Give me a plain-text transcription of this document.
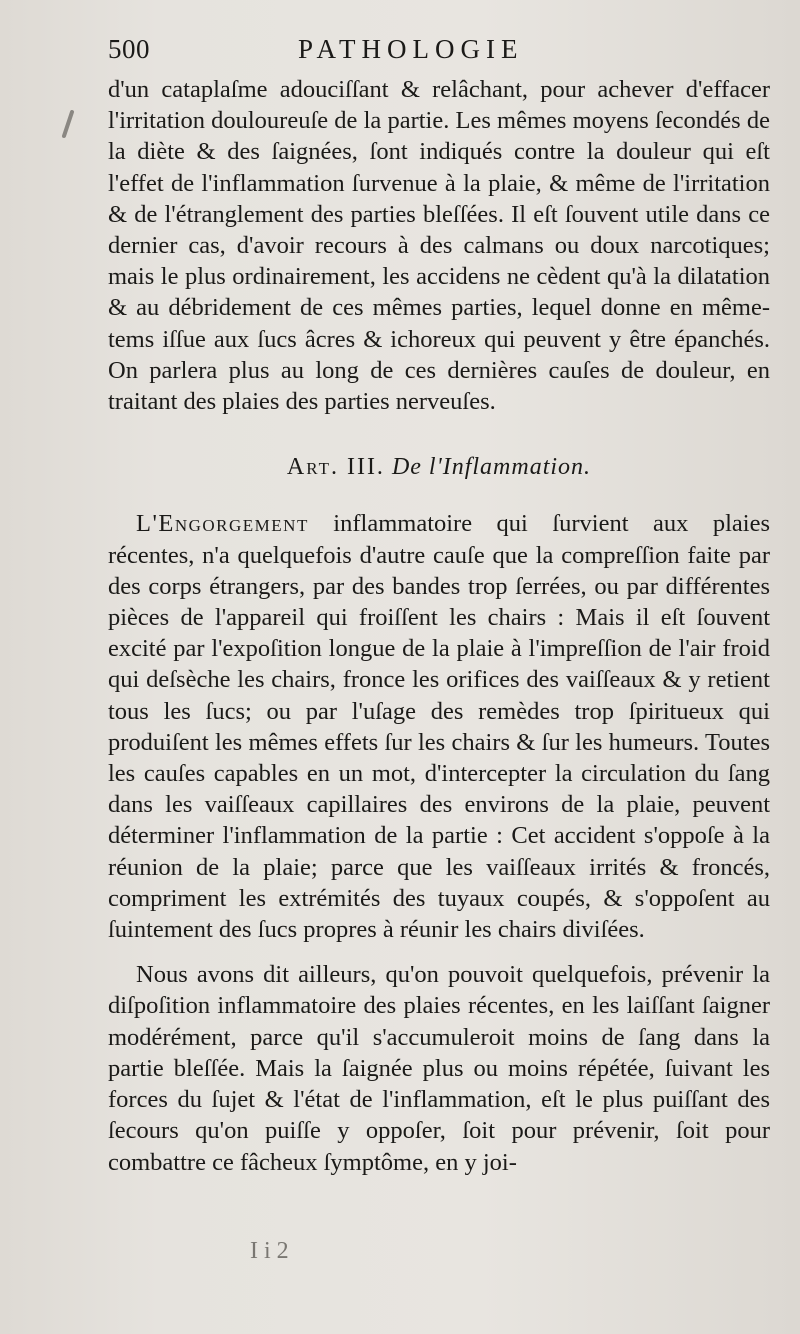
500	PATHOLOGIE

d'un cataplaſme adouciſſant & relâchant, pour achever d'effacer l'irritation douloureuſe de la partie. Les mêmes moyens ſecondés de la diète & des ſaignées, ſont indiqués contre la douleur qui eſt l'effet de l'inflammation ſurvenue à la plaie, & même de l'irritation & de l'étranglement des parties bleſſées. Il eſt ſouvent utile dans ce dernier cas, d'avoir recours à des calmans ou doux narcotiques; mais le plus ordinairement, les accidens ne cèdent qu'à la dilatation & au débridement de ces mêmes parties, lequel donne en même-tems iſſue aux ſucs âcres & ichoreux qui peuvent y être épanchés. On parlera plus au long de ces dernières cauſes de douleur, en traitant des plaies des parties nerveuſes.

Art. III. De l'Inflammation.

L'Engorgement inflammatoire qui ſurvient aux plaies récentes, n'a quelquefois d'autre cauſe que la compreſſion faite par des corps étrangers, par des bandes trop ſerrées, ou par différentes pièces de l'appareil qui froiſſent les chairs : Mais il eſt ſouvent excité par l'expoſition longue de la plaie à l'impreſſion de l'air froid qui deſsèche les chairs, fronce les orifices des vaiſſeaux & y retient tous les ſucs; ou par l'uſage des remèdes trop ſpiritueux qui produiſent les mêmes effets ſur les chairs & ſur les humeurs. Toutes les cauſes capables en un mot, d'intercepter la circulation du ſang dans les vaiſſeaux capillaires des environs de la plaie, peuvent déterminer l'inflammation de la partie : Cet accident s'oppoſe à la réunion de la plaie; parce que les vaiſſeaux irrités & froncés, compriment les extrémités des tuyaux coupés, & s'oppoſent au ſuintement des ſucs propres à réunir les chairs diviſées.

Nous avons dit ailleurs, qu'on pouvoit quelquefois, prévenir la diſpoſition inflammatoire des plaies récentes, en les laiſſant ſaigner modérément, parce qu'il s'accumuleroit moins de ſang dans la partie bleſſée. Mais la ſaignée plus ou moins répétée, ſuivant les forces du ſujet & l'état de l'inflammation, eſt le plus puiſſant des ſecours qu'on puiſſe y oppoſer, ſoit pour prévenir, ſoit pour combattre ce fâcheux ſymptôme, en y joi-

I i 2
